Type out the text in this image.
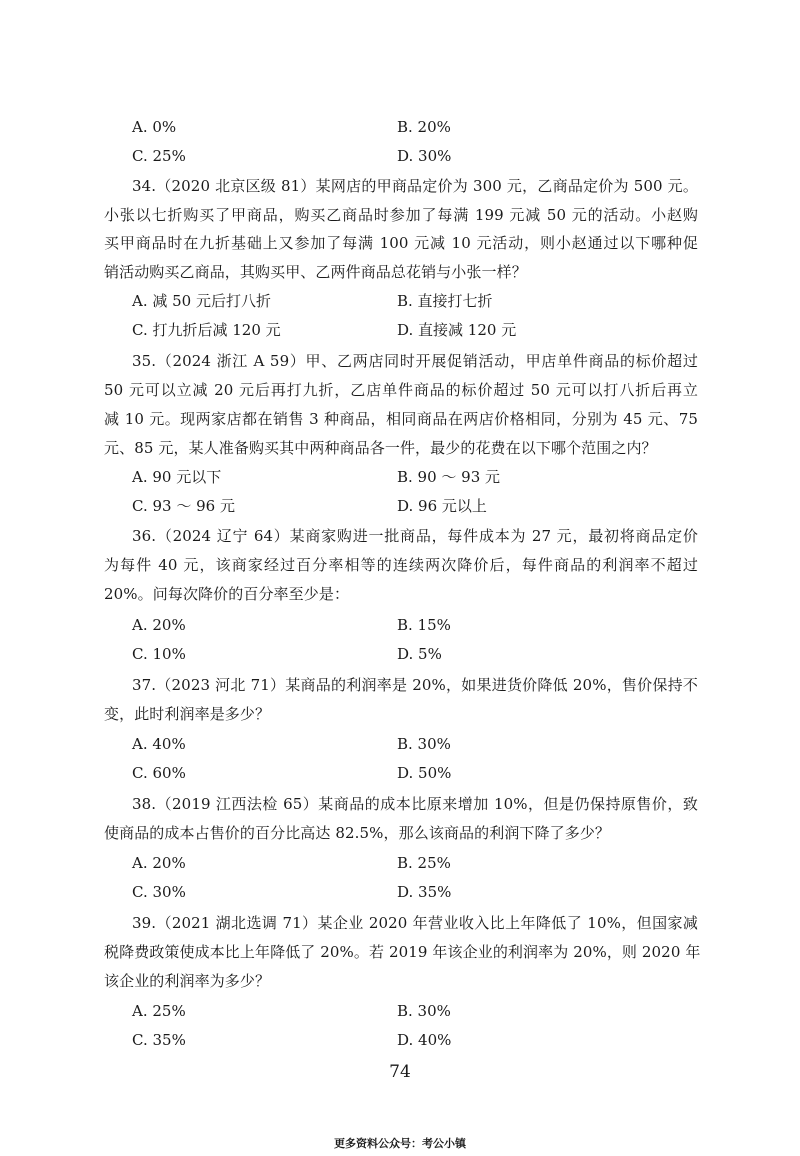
A. 0%	B. 20%
C. 25%	D. 30%
34.（2020 北京区级 81）某网店的甲商品定价为 300 元，乙商品定价为 500 元。
小张以七折购买了甲商品，购买乙商品时参加了每满 199 元减 50 元的活动。小赵购
买甲商品时在九折基础上又参加了每满 100 元减 10 元活动，则小赵通过以下哪种促
销活动购买乙商品，其购买甲、乙两件商品总花销与小张一样？
A. 减 50 元后打八折	B. 直接打七折
C. 打九折后减 120 元	D. 直接减 120 元
35.（2024 浙江 A 59）甲、乙两店同时开展促销活动，甲店单件商品的标价超过
50 元可以立减 20 元后再打九折，乙店单件商品的标价超过 50 元可以打八折后再立
减 10 元。现两家店都在销售 3 种商品，相同商品在两店价格相同，分别为 45 元、75
元、85 元，某人准备购买其中两种商品各一件，最少的花费在以下哪个范围之内？
A. 90 元以下	B. 90 ～ 93 元
C. 93 ～ 96 元	D. 96 元以上
36.（2024 辽宁 64）某商家购进一批商品，每件成本为 27 元，最初将商品定价
为每件 40 元，该商家经过百分率相等的连续两次降价后，每件商品的利润率不超过
20%。问每次降价的百分率至少是：
A. 20%	B. 15%
C. 10%	D. 5%
37.（2023 河北 71）某商品的利润率是 20%，如果进货价降低 20%，售价保持不
变，此时利润率是多少？
A. 40%	B. 30%
C. 60%	D. 50%
38.（2019 江西法检 65）某商品的成本比原来增加 10%，但是仍保持原售价，致
使商品的成本占售价的百分比高达 82.5%，那么该商品的利润下降了多少？
A. 20%	B. 25%
C. 30%	D. 35%
39.（2021 湖北选调 71）某企业 2020 年营业收入比上年降低了 10%，但国家减
税降费政策使成本比上年降低了 20%。若 2019 年该企业的利润率为 20%，则 2020 年
该企业的利润率为多少？
A. 25%	B. 30%
C. 35%	D. 40%
74
更多资料公众号：考公小镇
